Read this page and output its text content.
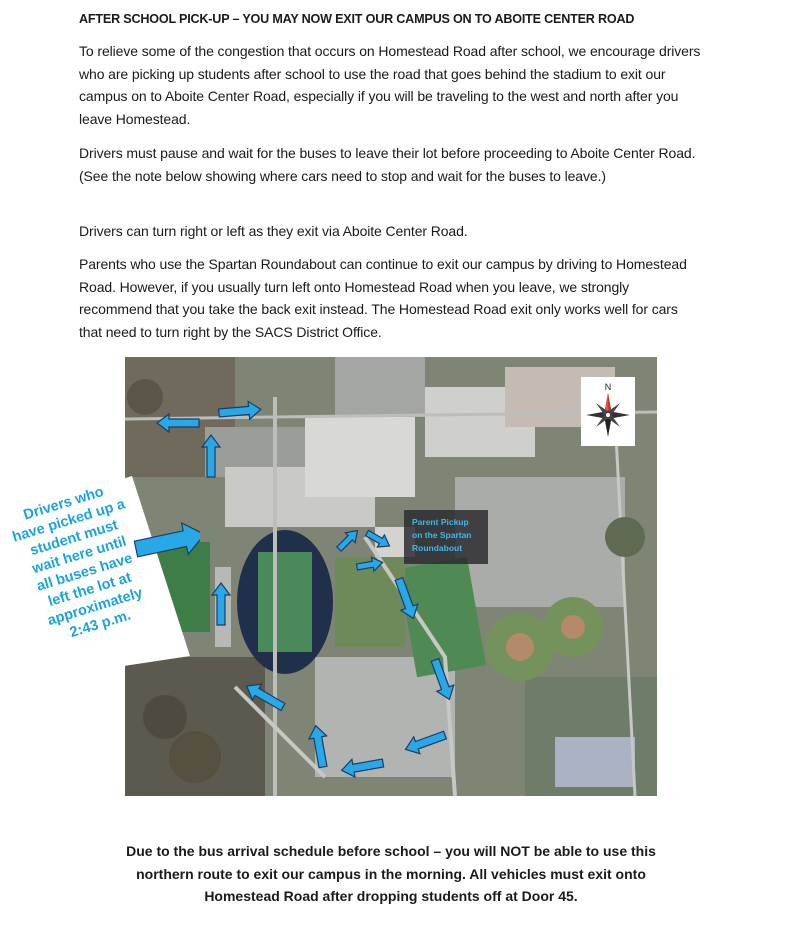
AFTER SCHOOL PICK-UP – YOU MAY NOW EXIT OUR CAMPUS ON TO ABOITE CENTER ROAD

To relieve some of the congestion that occurs on Homestead Road after school, we encourage drivers who are picking up students after school to use the road that goes behind the stadium to exit our campus on to Aboite Center Road, especially if you will be traveling to the west and north after you leave Homestead.

Drivers must pause and wait for the buses to leave their lot before proceeding to Aboite Center Road. (See the note below showing where cars need to stop and wait for the buses to leave.)

Drivers can turn right or left as they exit via Aboite Center Road.

Parents who use the Spartan Roundabout can continue to exit our campus by driving to Homestead Road. However, if you usually turn left onto Homestead Road when you leave, we strongly recommend that you take the back exit instead. The Homestead Road exit only works well for cars that need to turn right by the SACS District Office.

Drivers who
have picked up a
student must
wait here until
all buses have
left the lot at
approximately
2:43 p.m.
Parent Pickup
on the Spartan
Roundabout
N

Due to the bus arrival schedule before school – you will NOT be able to use this northern route to exit our campus in the morning. All vehicles must exit onto Homestead Road after dropping students off at Door 45.
